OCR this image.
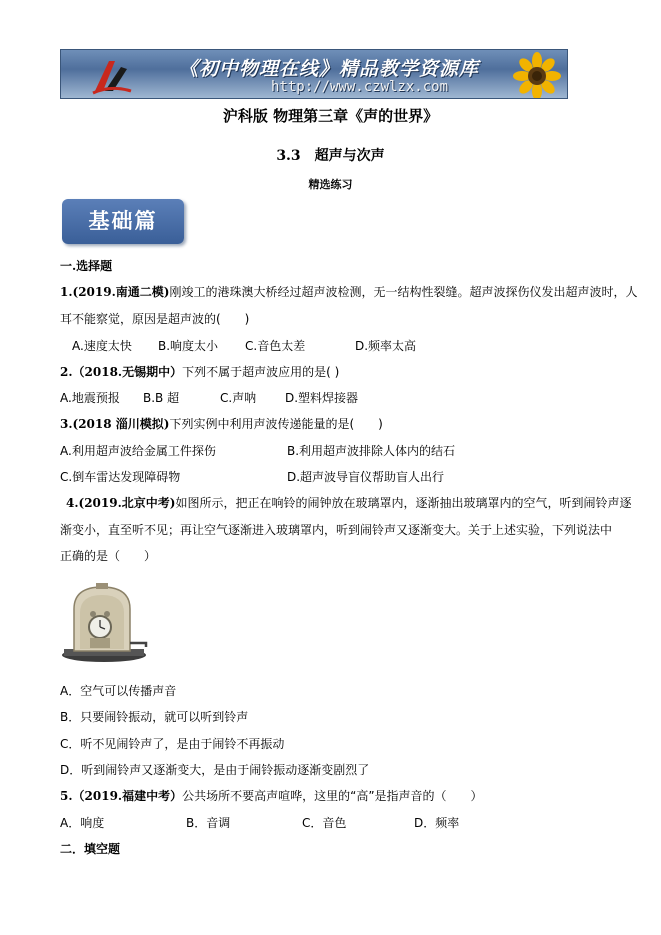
《初中物理在线》精品教学资源库
http://www.czwlzx.com
沪科版 物理第三章《声的世界》
3.3　超声与次声
精选练习
基础篇
一.选择题
1.(2019.南通二模)刚竣工的港珠澳大桥经过超声波检测，无一结构性裂缝。超声波探伤仪发出超声波时，人
耳不能察觉，原因是超声波的(　　)
A.速度太快 B.响度太小 C.音色太差	D.频率太高
2.（2018.无锡期中）下列不属于超声波应用的是( )
A.地震预报 B.B 超	C.声呐 D.塑料焊接器
3.(2018 淄川模拟)下列实例中利用声波传递能量的是(　　)
A.利用超声波给金属工件探伤	B.利用超声波排除人体内的结石
C.倒车雷达发现障碍物	D.超声波导盲仪帮助盲人出行
4.(2019.北京中考)如图所示，把正在响铃的闹钟放在玻璃罩内，逐渐抽出玻璃罩内的空气，听到闹铃声逐
渐变小，直至听不见；再让空气逐渐进入玻璃罩内，听到闹铃声又逐渐变大。关于上述实验，下列说法中
正确的是（　　）
A．空气可以传播声音
B．只要闹铃振动，就可以听到铃声
C．听不见闹铃声了，是由于闹铃不再振动
D．听到闹铃声又逐渐变大，是由于闹铃振动逐渐变剧烈了
5.（2019.福建中考）公共场所不要高声喧哗，这里的“高”是指声音的（　　）
A．响度	B．音调	C．音色	D．频率
二．填空题
